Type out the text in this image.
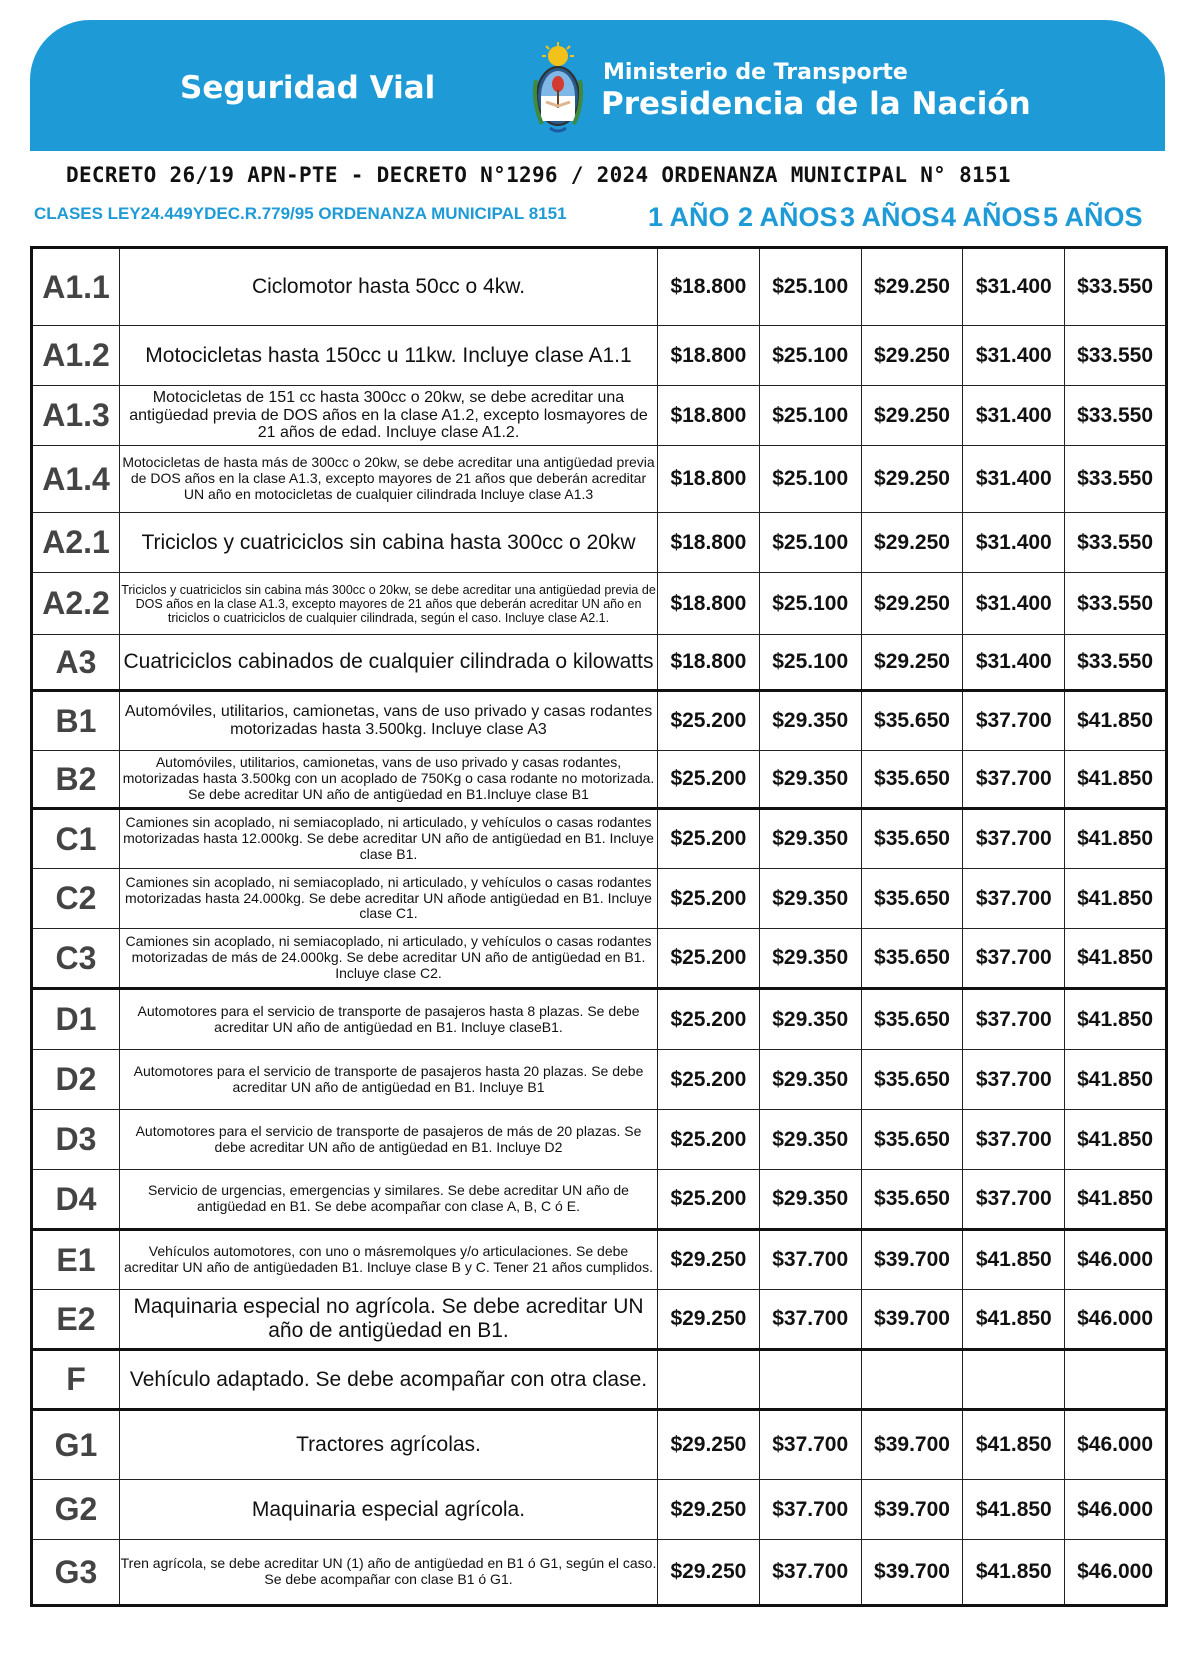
Seguridad Vial	Ministerio de Transporte
Presidencia de la Nación
DECRETO 26/19 APN-PTE - DECRETO N°1296 / 2024 ORDENANZA MUNICIPAL N° 8151
CLASES LEY24.449YDEC.R.779/95 ORDENANZA MUNICIPAL 8151	1 AÑO 2 AÑOS 3 AÑOS 4 AÑOS 5 AÑOS
A1.1	Ciclomotor hasta 50cc o 4kw.	$18.800	$25.100	$29.250	$31.400	$33.550
A1.2	Motocicletas hasta 150cc u 11kw. Incluye clase A1.1	$18.800	$25.100	$29.250	$31.400	$33.550
A1.3	Motocicletas de 151 cc hasta 300cc o 20kw, se debe acreditar una antigüedad previa de DOS años en la clase A1.2, excepto losmayores de 21 años de edad. Incluye clase A1.2.	$18.800	$25.100	$29.250	$31.400	$33.550
A1.4	Motocicletas de hasta más de 300cc o 20kw, se debe acreditar una antigüedad previa de DOS años en la clase A1.3, excepto mayores de 21 años que deberán acreditar UN año en motocicletas de cualquier cilindrada Incluye clase A1.3	$18.800	$25.100	$29.250	$31.400	$33.550
A2.1	Triciclos y cuatriciclos sin cabina hasta 300cc o 20kw	$18.800	$25.100	$29.250	$31.400	$33.550
A2.2	Triciclos y cuatriciclos sin cabina más 300cc o 20kw, se debe acreditar una antigüedad previa de DOS años en la clase A1.3, excepto mayores de 21 años que deberán acreditar UN año en triciclos o cuatriciclos de cualquier cilindrada, según el caso. Incluye clase A2.1.	$18.800	$25.100	$29.250	$31.400	$33.550
A3	Cuatriciclos cabinados de cualquier cilindrada o kilowatts	$18.800	$25.100	$29.250	$31.400	$33.550
B1	Automóviles, utilitarios, camionetas, vans de uso privado y casas rodantes motorizadas hasta 3.500kg. Incluye clase A3	$25.200	$29.350	$35.650	$37.700	$41.850
B2	Automóviles, utilitarios, camionetas, vans de uso privado y casas rodantes, motorizadas hasta 3.500kg con un acoplado de 750Kg o casa rodante no motorizada. Se debe acreditar UN año de antigüedad en B1.Incluye clase B1	$25.200	$29.350	$35.650	$37.700	$41.850
C1	Camiones sin acoplado, ni semiacoplado, ni articulado, y vehículos o casas rodantes motorizadas hasta 12.000kg. Se debe acreditar UN año de antigüedad en B1. Incluye clase B1.	$25.200	$29.350	$35.650	$37.700	$41.850
C2	Camiones sin acoplado, ni semiacoplado, ni articulado, y vehículos o casas rodantes motorizadas hasta 24.000kg. Se debe acreditar UN añode antigüedad en B1. Incluye clase C1.	$25.200	$29.350	$35.650	$37.700	$41.850
C3	Camiones sin acoplado, ni semiacoplado, ni articulado, y vehículos o casas rodantes motorizadas de más de 24.000kg. Se debe acreditar UN año de antigüedad en B1. Incluye clase C2.	$25.200	$29.350	$35.650	$37.700	$41.850
D1	Automotores para el servicio de transporte de pasajeros hasta 8 plazas. Se debe acreditar UN año de antigüedad en B1. Incluye claseB1.	$25.200	$29.350	$35.650	$37.700	$41.850
D2	Automotores para el servicio de transporte de pasajeros hasta 20 plazas. Se debe acreditar UN año de antigüedad en B1. Incluye B1	$25.200	$29.350	$35.650	$37.700	$41.850
D3	Automotores para el servicio de transporte de pasajeros de más de 20 plazas. Se debe acreditar UN año de antigüedad en B1. Incluye D2	$25.200	$29.350	$35.650	$37.700	$41.850
D4	Servicio de urgencias, emergencias y similares. Se debe acreditar UN año de antigüedad en B1. Se debe acompañar con clase A, B, C ó E.	$25.200	$29.350	$35.650	$37.700	$41.850
E1	Vehículos automotores, con uno o másremolques y/o articulaciones. Se debe acreditar UN año de antigüedaden B1. Incluye clase B y C. Tener 21 años cumplidos.	$29.250	$37.700	$39.700	$41.850	$46.000
E2	Maquinaria especial no agrícola. Se debe acreditar UN año de antigüedad en B1.	$29.250	$37.700	$39.700	$41.850	$46.000
F	Vehículo adaptado. Se debe acompañar con otra clase.					
G1	Tractores agrícolas.	$29.250	$37.700	$39.700	$41.850	$46.000
G2	Maquinaria especial agrícola.	$29.250	$37.700	$39.700	$41.850	$46.000
G3	Tren agrícola, se debe acreditar UN (1) año de antigüedad en B1 ó G1, según el caso. Se debe acompañar con clase B1 ó G1.	$29.250	$37.700	$39.700	$41.850	$46.000
